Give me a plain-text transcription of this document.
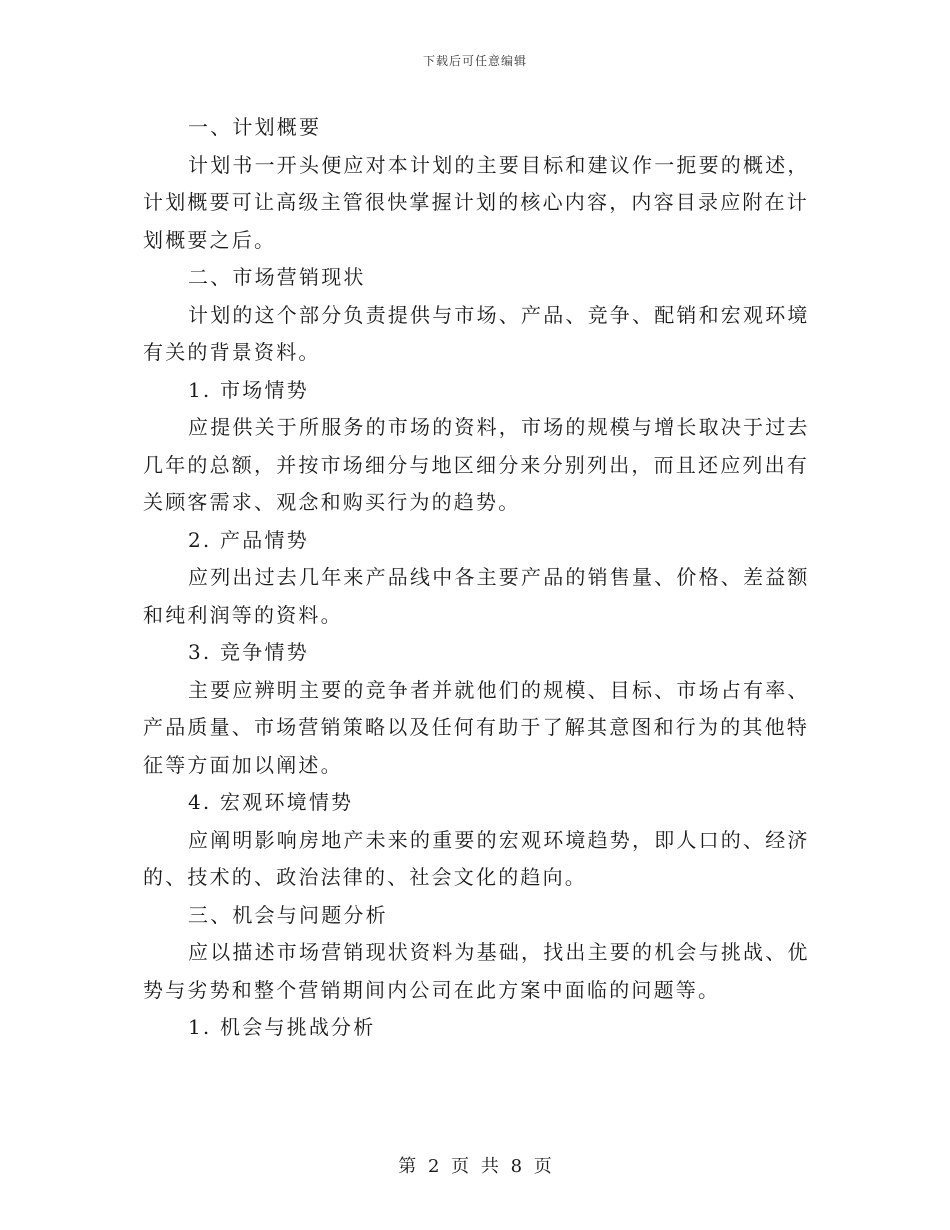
下载后可任意编辑
一、计划概要
计划书一开头便应对本计划的主要目标和建议作一扼要的概述，
计划概要可让高级主管很快掌握计划的核心内容，内容目录应附在计
划概要之后。
二、市场营销现状
计划的这个部分负责提供与市场、产品、竞争、配销和宏观环境
有关的背景资料。
1. 市场情势
应提供关于所服务的市场的资料，市场的规模与增长取决于过去
几年的总额，并按市场细分与地区细分来分别列出，而且还应列出有
关顾客需求、观念和购买行为的趋势。
2. 产品情势
应列出过去几年来产品线中各主要产品的销售量、价格、差益额
和纯利润等的资料。
3. 竞争情势
主要应辨明主要的竞争者并就他们的规模、目标、市场占有率、
产品质量、市场营销策略以及任何有助于了解其意图和行为的其他特
征等方面加以阐述。
4. 宏观环境情势
应阐明影响房地产未来的重要的宏观环境趋势，即人口的、经济
的、技术的、政治法律的、社会文化的趋向。
三、机会与问题分析
应以描述市场营销现状资料为基础，找出主要的机会与挑战、优
势与劣势和整个营销期间内公司在此方案中面临的问题等。
1. 机会与挑战分析
第 2 页 共 8 页
